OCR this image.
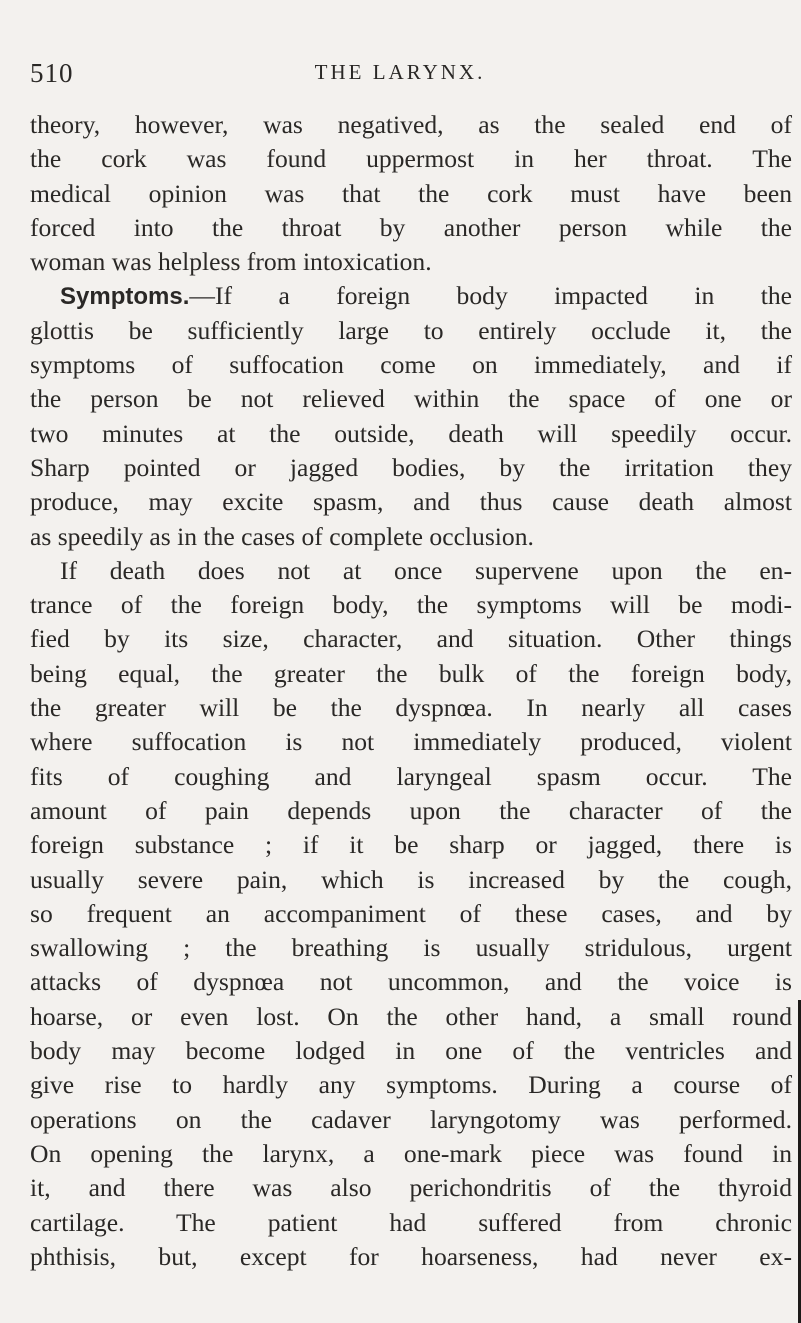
510	THE LARYNX.
theory, however, was negatived, as the sealed end of
the cork was found uppermost in her throat. The
medical opinion was that the cork must have been
forced into the throat by another person while the
woman was helpless from intoxication.
Symptoms.—If a foreign body impacted in the
glottis be sufficiently large to entirely occlude it, the
symptoms of suffocation come on immediately, and if
the person be not relieved within the space of one or
two minutes at the outside, death will speedily occur.
Sharp pointed or jagged bodies, by the irritation they
produce, may excite spasm, and thus cause death almost
as speedily as in the cases of complete occlusion.
If death does not at once supervene upon the en-
trance of the foreign body, the symptoms will be modi-
fied by its size, character, and situation. Other things
being equal, the greater the bulk of the foreign body,
the greater will be the dyspnœa. In nearly all cases
where suffocation is not immediately produced, violent
fits of coughing and laryngeal spasm occur. The
amount of pain depends upon the character of the
foreign substance ; if it be sharp or jagged, there is
usually severe pain, which is increased by the cough,
so frequent an accompaniment of these cases, and by
swallowing ; the breathing is usually stridulous, urgent
attacks of dyspnœa not uncommon, and the voice is
hoarse, or even lost. On the other hand, a small round
body may become lodged in one of the ventricles and
give rise to hardly any symptoms. During a course of
operations on the cadaver laryngotomy was performed.
On opening the larynx, a one-mark piece was found in
it, and there was also perichondritis of the thyroid
cartilage. The patient had suffered from chronic
phthisis, but, except for hoarseness, had never ex-
